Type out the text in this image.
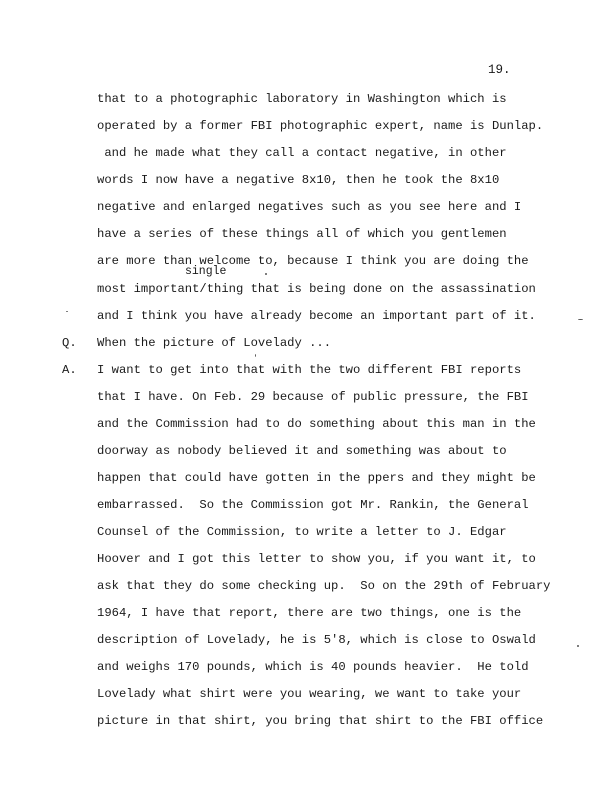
19.
single
Q.
A.
that to a photographic laboratory in Washington which is
operated by a former FBI photographic expert, name is Dunlap.
and he made what they call a contact negative, in other
words I now have a negative 8x10, then he took the 8x10
negative and enlarged negatives such as you see here and I
have a series of these things all of which you gentlemen
are more than welcome to, because I think you are doing the
most important/thing that is being done on the assassination
and I think you have already become an important part of it.
When the picture of Lovelady ...
I want to get into that with the two different FBI reports
that I have. On Feb. 29 because of public pressure, the FBI
and the Commission had to do something about this man in the
doorway as nobody believed it and something was about to
happen that could have gotten in the ppers and they might be
embarrassed.  So the Commission got Mr. Rankin, the General
Counsel of the Commission, to write a letter to J. Edgar
Hoover and I got this letter to show you, if you want it, to
ask that they do some checking up.  So on the 29th of February
1964, I have that report, there are two things, one is the
description of Lovelady, he is 5'8, which is close to Oswald
and weighs 170 pounds, which is 40 pounds heavier.  He told
Lovelady what shirt were you wearing, we want to take your
picture in that shirt, you bring that shirt to the FBI office
